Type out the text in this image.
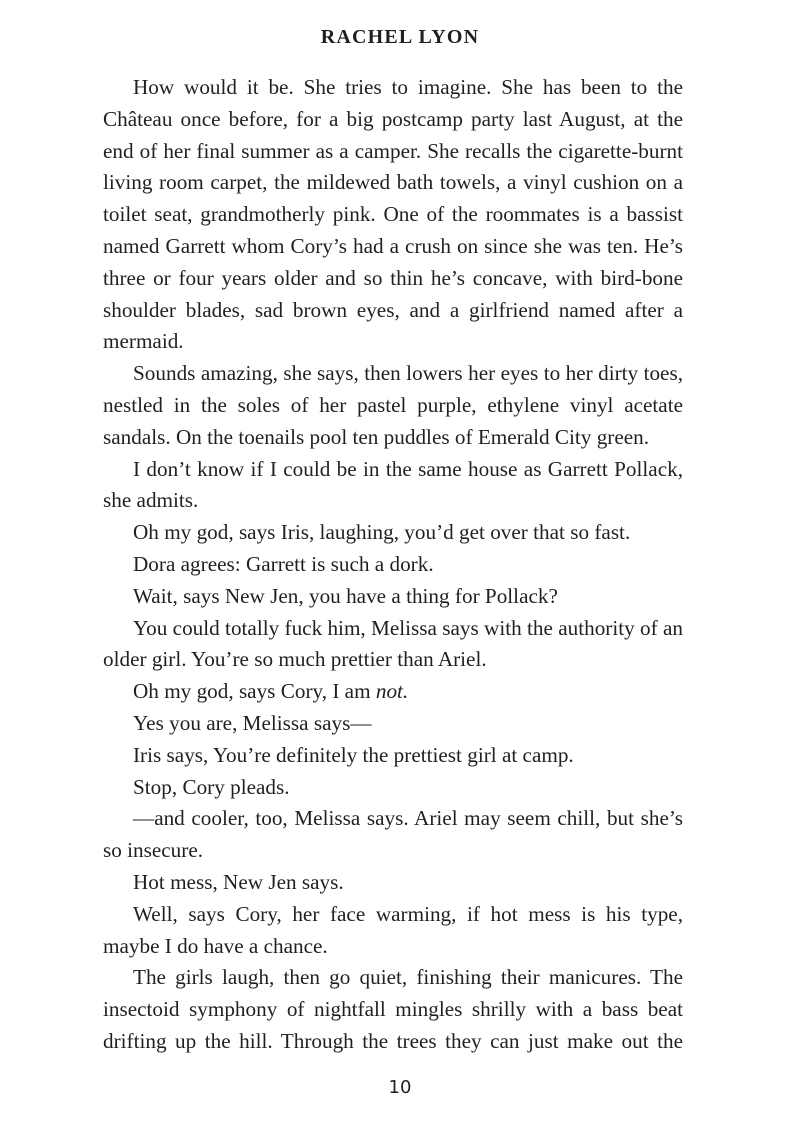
RACHEL LYON

How would it be. She tries to imagine. She has been to the Château once before, for a big postcamp party last August, at the end of her final summer as a camper. She recalls the cigarette-burnt living room carpet, the mildewed bath towels, a vinyl cushion on a toilet seat, grandmotherly pink. One of the roommates is a bassist named Garrett whom Cory’s had a crush on since she was ten. He’s three or four years older and so thin he’s concave, with bird-bone shoulder blades, sad brown eyes, and a girlfriend named after a mermaid.

Sounds amazing, she says, then lowers her eyes to her dirty toes, nestled in the soles of her pastel purple, ethylene vinyl acetate sandals. On the toenails pool ten puddles of Emerald City green.

I don’t know if I could be in the same house as Garrett Pollack, she admits.

Oh my god, says Iris, laughing, you’d get over that so fast.

Dora agrees: Garrett is such a dork.

Wait, says New Jen, you have a thing for Pollack?

You could totally fuck him, Melissa says with the authority of an older girl. You’re so much prettier than Ariel.

Oh my god, says Cory, I am not.

Yes you are, Melissa says—

Iris says, You’re definitely the prettiest girl at camp.

Stop, Cory pleads.

—and cooler, too, Melissa says. Ariel may seem chill, but she’s so insecure.

Hot mess, New Jen says.

Well, says Cory, her face warming, if hot mess is his type, maybe I do have a chance.

The girls laugh, then go quiet, finishing their manicures. The insectoid symphony of nightfall mingles shrilly with a bass beat drifting up the hill. Through the trees they can just make out the

10
